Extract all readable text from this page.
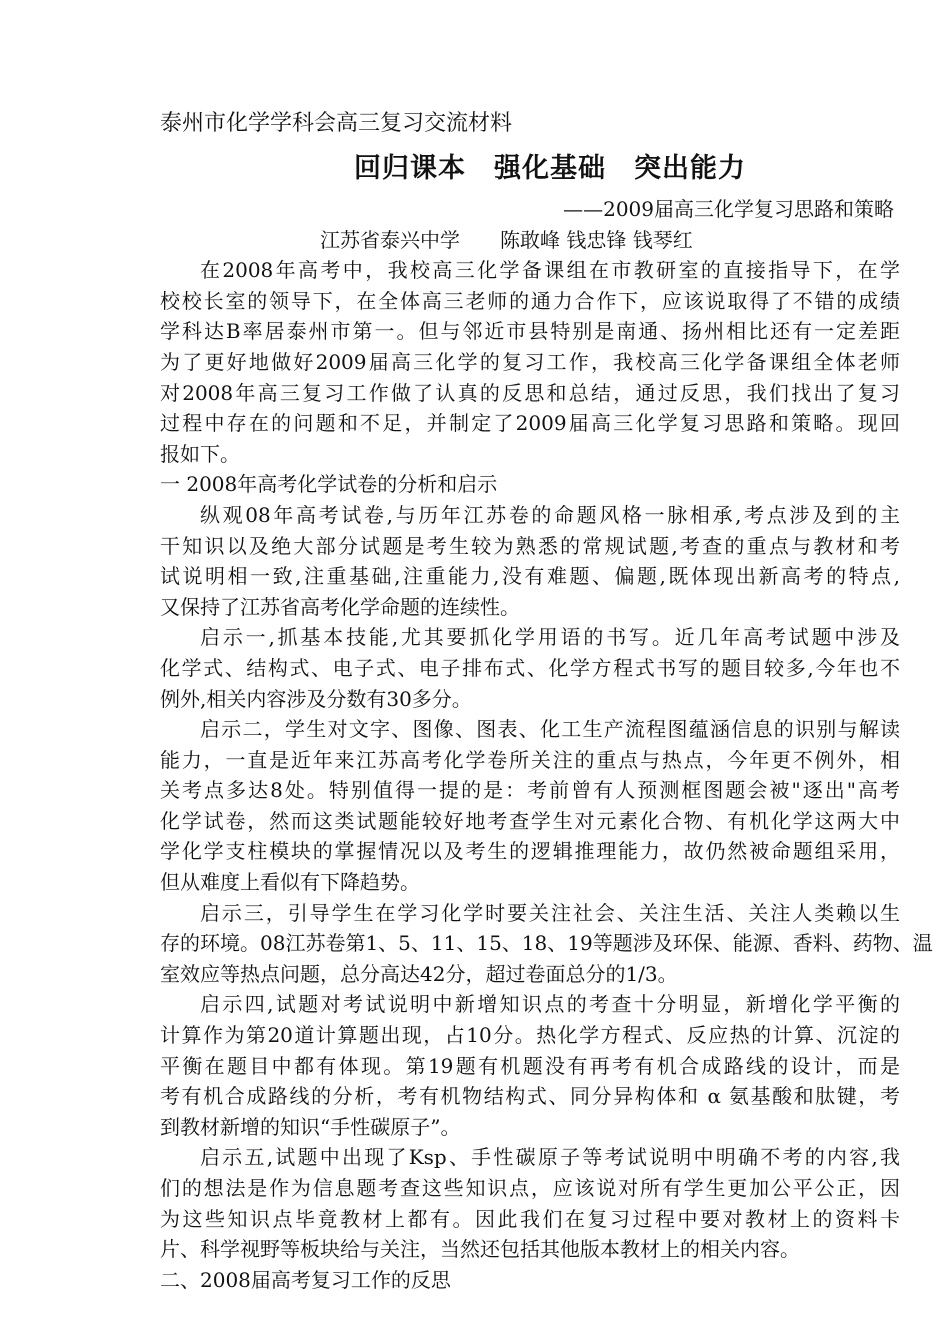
泰州市化学学科会高三复习交流材料
回归课本　强化基础　突出能力
——2009届高三化学复习思路和策略
江苏省泰兴中学　　陈敢峰 钱忠锋 钱琴红
在2008年高考中，我校高三化学备课组在市教研室的直接指导下，在学
校校长室的领导下，在全体高三老师的通力合作下，应该说取得了不错的成绩
学科达B率居泰州市第一。但与邻近市县特别是南通、扬州相比还有一定差距
为了更好地做好2009届高三化学的复习工作，我校高三化学备课组全体老师
对2008年高三复习工作做了认真的反思和总结，通过反思，我们找出了复习
过程中存在的问题和不足，并制定了2009届高三化学复习思路和策略。现回
报如下。
一 2008年高考化学试卷的分析和启示
纵观08年高考试卷,与历年江苏卷的命题风格一脉相承,考点涉及到的主
干知识以及绝大部分试题是考生较为熟悉的常规试题,考查的重点与教材和考
试说明相一致,注重基础,注重能力,没有难题、偏题,既体现出新高考的特点,
又保持了江苏省高考化学命题的连续性。
启示一,抓基本技能,尤其要抓化学用语的书写。近几年高考试题中涉及
化学式、结构式、电子式、电子排布式、化学方程式书写的题目较多,今年也不
例外,相关内容涉及分数有30多分。
启示二，学生对文字、图像、图表、化工生产流程图蕴涵信息的识别与解读
能力，一直是近年来江苏高考化学卷所关注的重点与热点，今年更不例外，相
关考点多达8处。特别值得一提的是：考前曾有人预测框图题会被"逐出"高考
化学试卷，然而这类试题能较好地考查学生对元素化合物、有机化学这两大中
学化学支柱模块的掌握情况以及考生的逻辑推理能力，故仍然被命题组采用，
但从难度上看似有下降趋势。
启示三，引导学生在学习化学时要关注社会、关注生活、关注人类赖以生
存的环境。08江苏卷第1、5、11、15、18、19等题涉及环保、能源、香料、药物、温
室效应等热点问题，总分高达42分，超过卷面总分的1/3。
启示四,试题对考试说明中新增知识点的考查十分明显，新增化学平衡的
计算作为第20道计算题出现，占10分。热化学方程式、反应热的计算、沉淀的
平衡在题目中都有体现。第19题有机题没有再考有机合成路线的设计，而是
考有机合成路线的分析，考有机物结构式、同分异构体和 α 氨基酸和肽键，考
到教材新增的知识“手性碳原子”。
启示五,试题中出现了Ksp、手性碳原子等考试说明中明确不考的内容,我
们的想法是作为信息题考查这些知识点，应该说对所有学生更加公平公正，因
为这些知识点毕竟教材上都有。因此我们在复习过程中要对教材上的资料卡
片、科学视野等板块给与关注，当然还包括其他版本教材上的相关内容。
二、2008届高考复习工作的反思
